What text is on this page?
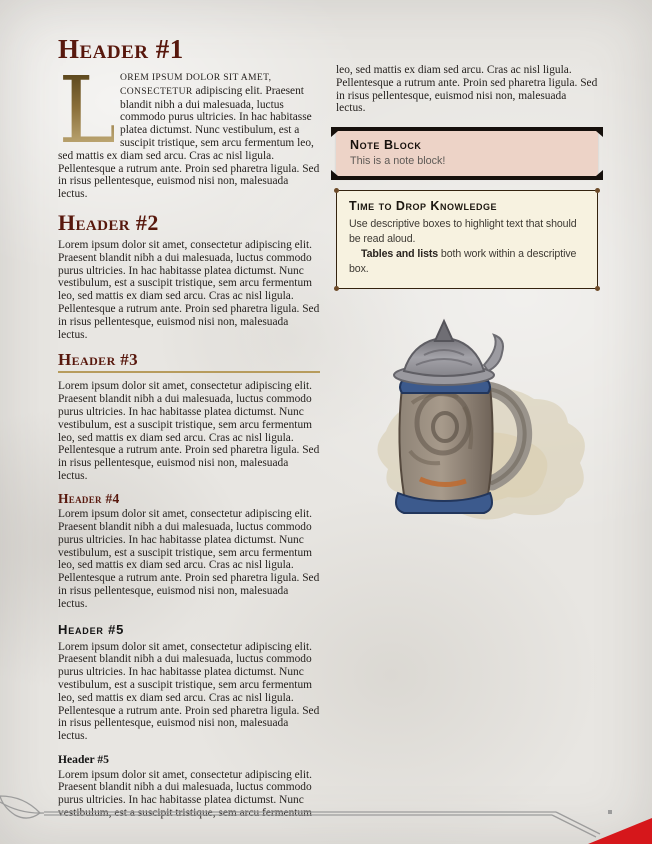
Header #1

L OREM IPSUM DOLOR SIT AMET, CONSECTETUR adipiscing elit. Praesent blandit nibh a dui malesuada, luctus commodo purus ultricies. In hac habitasse platea dictumst. Nunc vestibulum, est a suscipit tristique, sem arcu fermentum leo, sed mattis ex diam sed arcu. Cras ac nisl ligula. Pellentesque a rutrum ante. Proin sed pharetra ligula. Sed in risus pellentesque, euismod nisi non, malesuada lectus.

Header #2

Lorem ipsum dolor sit amet, consectetur adipiscing elit. Praesent blandit nibh a dui malesuada, luctus commodo purus ultricies. In hac habitasse platea dictumst. Nunc vestibulum, est a suscipit tristique, sem arcu fermentum leo, sed mattis ex diam sed arcu. Cras ac nisl ligula. Pellentesque a rutrum ante. Proin sed pharetra ligula. Sed in risus pellentesque, euismod nisi non, malesuada lectus.

Header #3

Lorem ipsum dolor sit amet, consectetur adipiscing elit. Praesent blandit nibh a dui malesuada, luctus commodo purus ultricies. In hac habitasse platea dictumst. Nunc vestibulum, est a suscipit tristique, sem arcu fermentum leo, sed mattis ex diam sed arcu. Cras ac nisl ligula. Pellentesque a rutrum ante. Proin sed pharetra ligula. Sed in risus pellentesque, euismod nisi non, malesuada lectus.

Header #4

Lorem ipsum dolor sit amet, consectetur adipiscing elit. Praesent blandit nibh a dui malesuada, luctus commodo purus ultricies. In hac habitasse platea dictumst. Nunc vestibulum, est a suscipit tristique, sem arcu fermentum leo, sed mattis ex diam sed arcu. Cras ac nisl ligula. Pellentesque a rutrum ante. Proin sed pharetra ligula. Sed in risus pellentesque, euismod nisi non, malesuada lectus.

Header #5

Lorem ipsum dolor sit amet, consectetur adipiscing elit. Praesent blandit nibh a dui malesuada, luctus commodo purus ultricies. In hac habitasse platea dictumst. Nunc vestibulum, est a suscipit tristique, sem arcu fermentum leo, sed mattis ex diam sed arcu. Cras ac nisl ligula. Pellentesque a rutrum ante. Proin sed pharetra ligula. Sed in risus pellentesque, euismod nisi non, malesuada lectus.

Header #5

Lorem ipsum dolor sit amet, consectetur adipiscing elit. Praesent blandit nibh a dui malesuada, luctus commodo purus ultricies. In hac habitasse platea dictumst. Nunc vestibulum, est a suscipit tristique, sem arcu fermentum

leo, sed mattis ex diam sed arcu. Cras ac nisl ligula. Pellentesque a rutrum ante. Proin sed pharetra ligula. Sed in risus pellentesque, euismod nisi non, malesuada lectus.

Note Block

This is a note block!

Time to Drop Knowledge

Use descriptive boxes to highlight text that should be read aloud.

Tables and lists both work within a descriptive box.
